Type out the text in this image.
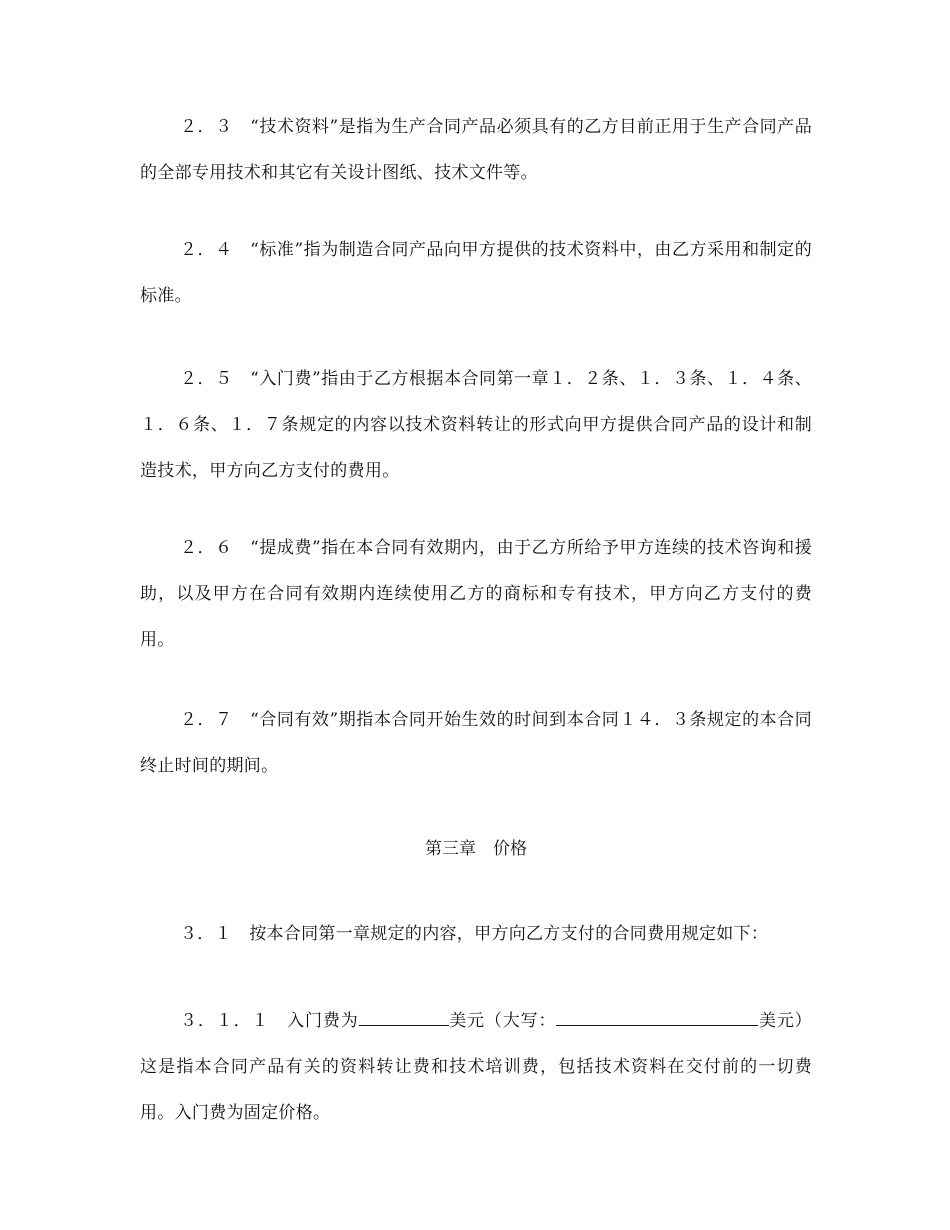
２．３　“技术资料”是指为生产合同产品必须具有的乙方目前正用于生产合同产品的全部专用技术和其它有关设计图纸、技术文件等。

２．４　“标准”指为制造合同产品向甲方提供的技术资料中，由乙方采用和制定的标准。

２．５　“入门费”指由于乙方根据本合同第一章１．２条、１．３条、１．４条、１．６条、１．７条规定的内容以技术资料转让的形式向甲方提供合同产品的设计和制造技术，甲方向乙方支付的费用。

２．６　“提成费”指在本合同有效期内，由于乙方所给予甲方连续的技术咨询和援助，以及甲方在合同有效期内连续使用乙方的商标和专有技术，甲方向乙方支付的费用。

２．７　“合同有效”期指本合同开始生效的时间到本合同１４．３条规定的本合同终止时间的期间。

第三章　价格

３．１　按本合同第一章规定的内容，甲方向乙方支付的合同费用规定如下：

３．１．１　入门费为	美元（大写：	美元）这是指本合同产品有关的资料转让费和技术培训费，包括技术资料在交付前的一切费用。入门费为固定价格。
